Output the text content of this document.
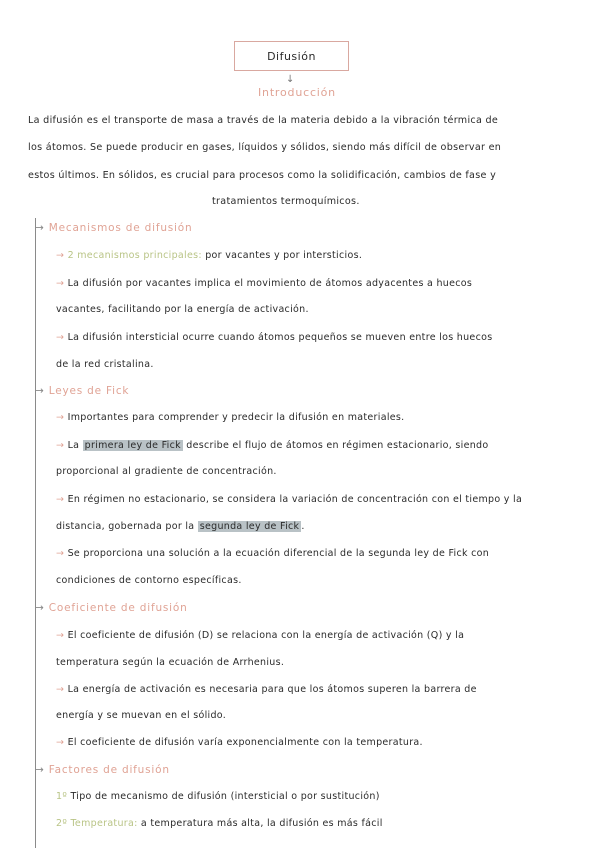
Difusión
↓
Introducción
La difusión es el transporte de masa a través de la materia debido a la vibración térmica de
los átomos. Se puede producir en gases, líquidos y sólidos, siendo más difícil de observar en
estos últimos. En sólidos, es crucial para procesos como la solidificación, cambios de fase y
tratamientos termoquímicos.
→ Mecanismos de difusión
→ 2 mecanismos principales: por vacantes y por intersticios.
→ La difusión por vacantes implica el movimiento de átomos adyacentes a huecos
vacantes, facilitando por la energía de activación.
→ La difusión intersticial ocurre cuando átomos pequeños se mueven entre los huecos
de la red cristalina.
→ Leyes de Fick
→ Importantes para comprender y predecir la difusión en materiales.
→ La primera ley de Fick describe el flujo de átomos en régimen estacionario, siendo
proporcional al gradiente de concentración.
→ En régimen no estacionario, se considera la variación de concentración con el tiempo y la
distancia, gobernada por la segunda ley de Fick .
→ Se proporciona una solución a la ecuación diferencial de la segunda ley de Fick con
condiciones de contorno específicas.
→ Coeficiente de difusión
→ El coeficiente de difusión (D) se relaciona con la energía de activación (Q) y la
temperatura según la ecuación de Arrhenius.
→ La energía de activación es necesaria para que los átomos superen la barrera de
energía y se muevan en el sólido.
→ El coeficiente de difusión varía exponencialmente con la temperatura.
→ Factores de difusión
1º Tipo de mecanismo de difusión (intersticial o por sustitución)
2º Temperatura: a temperatura más alta, la difusión es más fácil
